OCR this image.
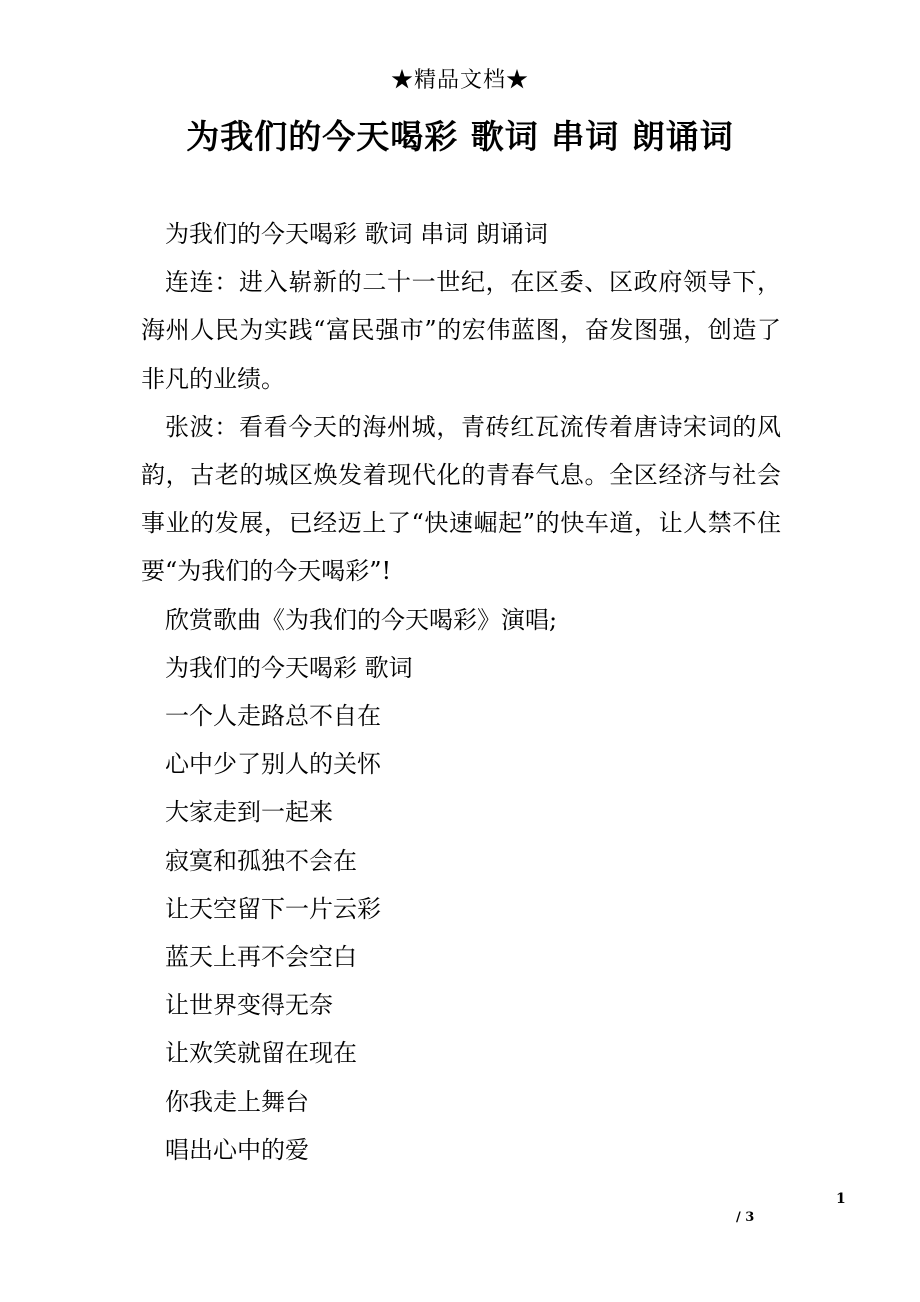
★精品文档★
为我们的今天喝彩 歌词 串词 朗诵词

为我们的今天喝彩 歌词 串词 朗诵词

连连：进入崭新的二十一世纪，在区委、区政府领导下，海州人民为实践“富民强市”的宏伟蓝图，奋发图强，创造了非凡的业绩。

张波：看看今天的海州城，青砖红瓦流传着唐诗宋词的风韵，古老的城区焕发着现代化的青春气息。全区经济与社会事业的发展，已经迈上了“快速崛起”的快车道，让人禁不住要“为我们的今天喝彩”!

欣赏歌曲《为我们的今天喝彩》演唱;

为我们的今天喝彩 歌词

一个人走路总不自在

心中少了别人的关怀

大家走到一起来

寂寞和孤独不会在

让天空留下一片云彩

蓝天上再不会空白

让世界变得无奈

让欢笑就留在现在

你我走上舞台

唱出心中的爱

1
/ 3
